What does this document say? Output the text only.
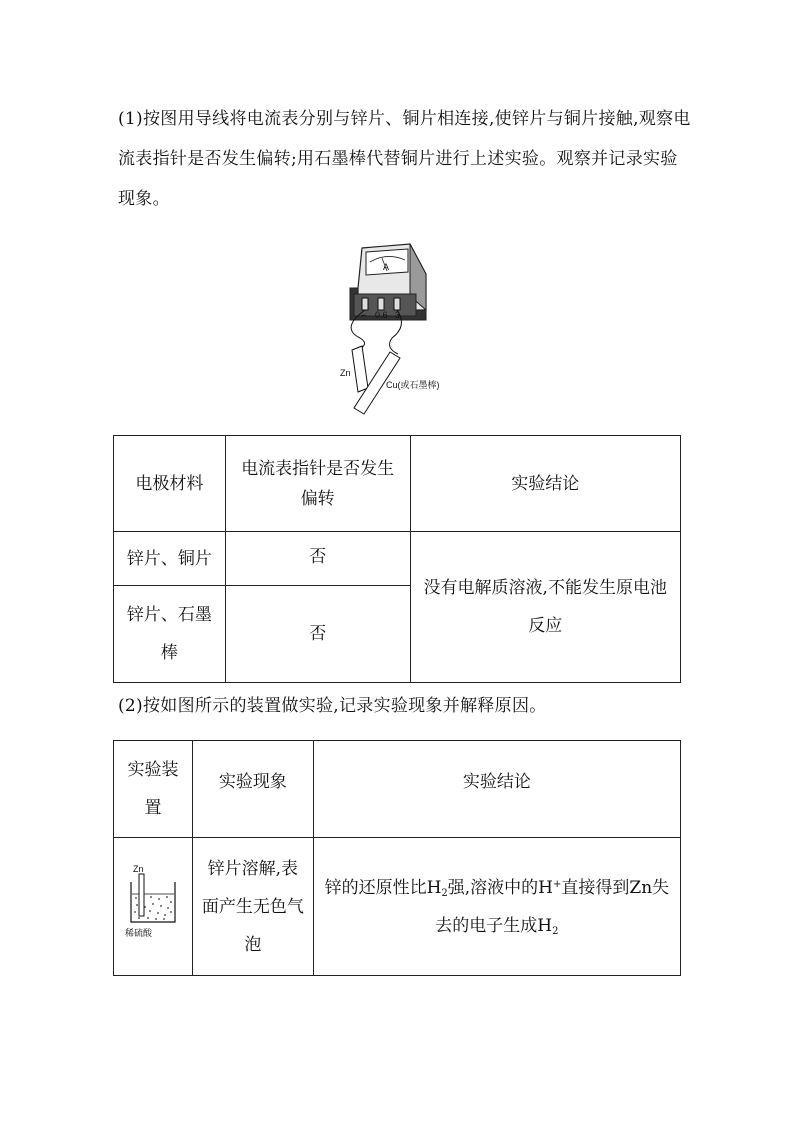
(1)按图用导线将电流表分别与锌片、铜片相连接,使锌片与铜片接触,观察电流表指针是否发生偏转;用石墨棒代替铜片进行上述实验。观察并记录实验现象。
A
− 0.6 3
Zn
Cu(或石墨棒)
电极材料	电流表指针是否发生偏转	实验结论
锌片、铜片	否	没有电解质溶液,不能发生原电池反应
锌片、石墨棒	否	
(2)按如图所示的装置做实验,记录实验现象并解释原因。
实验装置	实验现象	实验结论

Zn
稀硫酸	锌片溶解,表面产生无色气泡	锌的还原性比$H_2$强,溶液中的H+直接得到Zn失去的电子生成$H_2$
